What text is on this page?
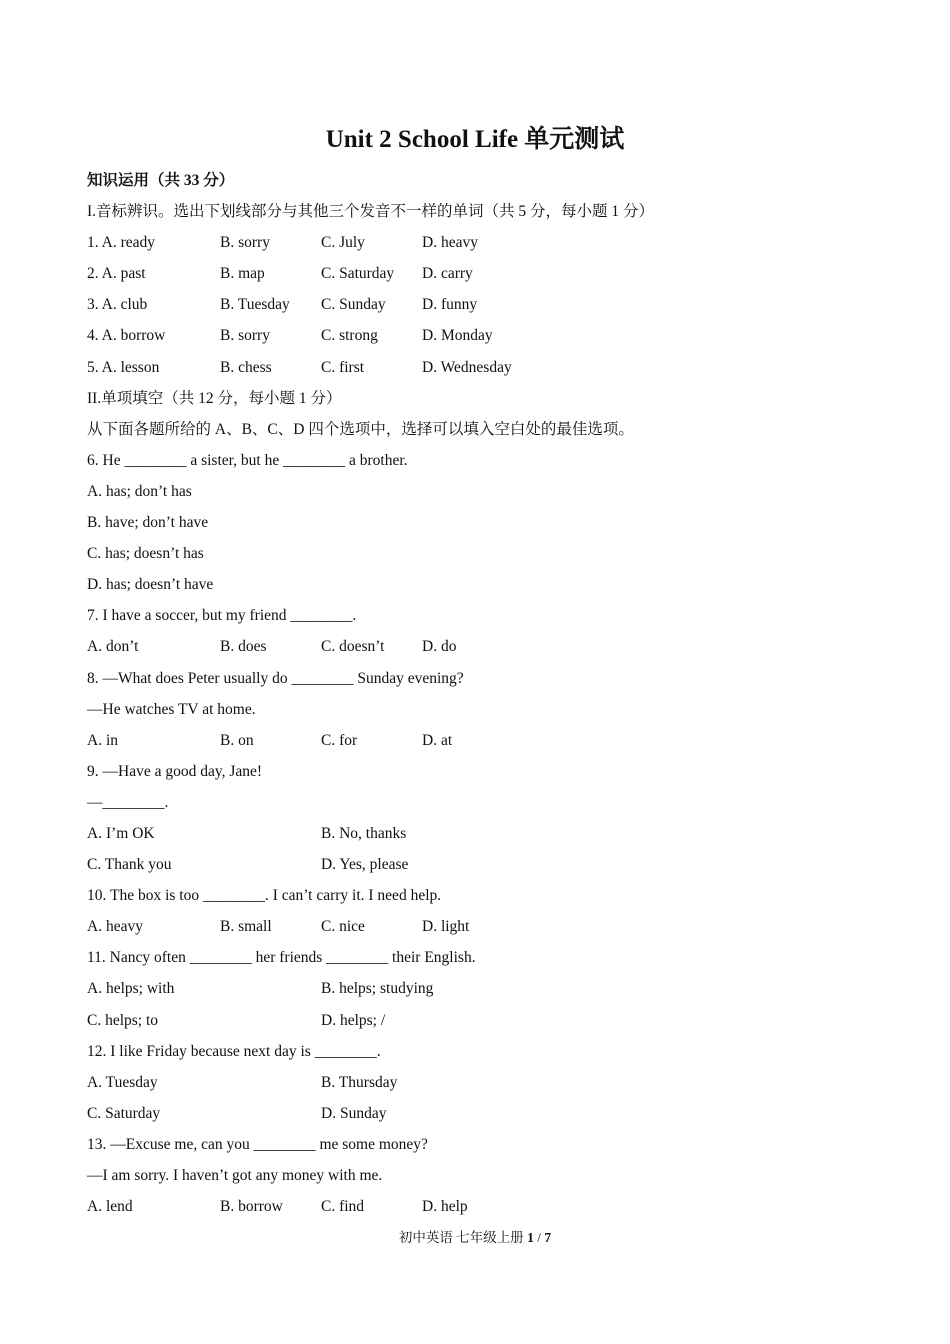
Unit 2 School Life 单元测试
知识运用（共 33 分）
I.音标辨识。选出下划线部分与其他三个发音不一样的单词（共 5 分，每小题 1 分）
1. A. ready	B. sorry	C. July	D. heavy
2. A. past	B. map	C. Saturday D. carry
3. A. club	B. Tuesday C. Sunday D. funny
4. A. borrow	B. sorry	C. strong	D. Monday
5. A. lesson	B. chess	C. first	D. Wednesday
II.单项填空（共 12 分，每小题 1 分）
从下面各题所给的 A、B、C、D 四个选项中，选择可以填入空白处的最佳选项。
6. He ________ a sister, but he ________ a brother.
A. has; don’t has
B. have; don’t have
C. has; doesn’t has
D. has; doesn’t have
7. I have a soccer, but my friend ________.
A. don’t	B. does	C. doesn’t D. do
8. —What does Peter usually do ________ Sunday evening?
—He watches TV at home.
A. in	B. on	C. for	D. at
9. —Have a good day, Jane!
—________.
A. I’m OK	B. No, thanks
C. Thank you	D. Yes, please
10. The box is too ________. I can’t carry it. I need help.
A. heavy	B. small	C. nice	D. light
11. Nancy often ________ her friends ________ their English.
A. helps; with	B. helps; studying
C. helps; to	D. helps; /
12. I like Friday because next day is ________.
A. Tuesday	B. Thursday
C. Saturday	D. Sunday
13. —Excuse me, can you ________ me some money?
—I am sorry. I haven’t got any money with me.
A. lend	B. borrow C. find	D. help
初中英语 七年级上册 1 / 7
